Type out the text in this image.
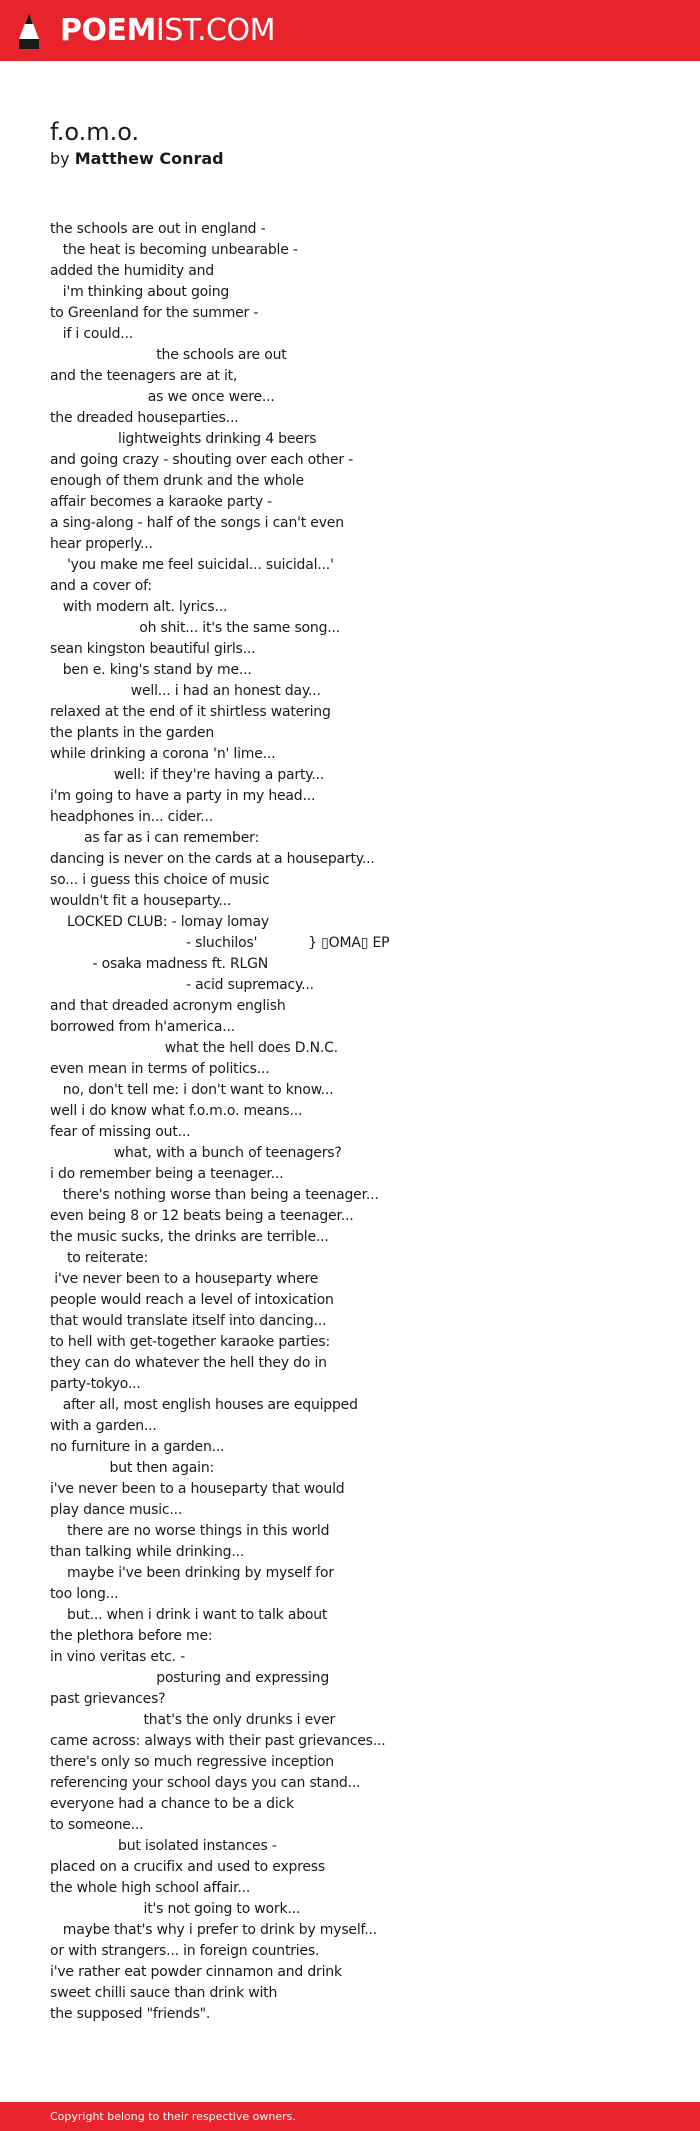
POEMIST.COM
f.o.m.o.
by Matthew Conrad
the schools are out in england -
the heat is becoming unbearable -
added the humidity and
i'm thinking about going
to Greenland for the summer -
if i could...
the schools are out
and the teenagers are at it,
as we once were...
the dreaded houseparties...
lightweights drinking 4 beers
and going crazy - shouting over each other -
enough of them drunk and the whole
affair becomes a karaoke party -
a sing-along - half of the songs i can't even
hear properly...
'you make me feel suicidal... suicidal...'
and a cover of:
with modern alt. lyrics...
oh shit... it's the same song...
sean kingston beautiful girls...
ben e. king's stand by me...
well... i had an honest day...
relaxed at the end of it shirtless watering
the plants in the garden
while drinking a corona 'n' lime...
well: if they're having a party...
i'm going to have a party in my head...
headphones in... cider...
as far as i can remember:
dancing is never on the cards at a houseparty...
so... i guess this choice of music
wouldn't fit a houseparty...
LOCKED CLUB: - lomay lomay
- sluchilos'            } ▯OMA▯ EP
- osaka madness ft. RLGN
- acid supremacy...
and that dreaded acronym english
borrowed from h'america...
what the hell does D.N.C.
even mean in terms of politics...
no, don't tell me: i don't want to know...
well i do know what f.o.m.o. means...
fear of missing out...
what, with a bunch of teenagers?
i do remember being a teenager...
there's nothing worse than being a teenager...
even being 8 or 12 beats being a teenager...
the music sucks, the drinks are terrible...
to reiterate:
i've never been to a houseparty where
people would reach a level of intoxication
that would translate itself into dancing...
to hell with get-together karaoke parties:
they can do whatever the hell they do in
party-tokyo...
after all, most english houses are equipped
with a garden...
no furniture in a garden...
but then again:
i've never been to a houseparty that would
play dance music...
there are no worse things in this world
than talking while drinking...
maybe i've been drinking by myself for
too long...
but... when i drink i want to talk about
the plethora before me:
in vino veritas etc. -
posturing and expressing
past grievances?
that's the only drunks i ever
came across: always with their past grievances...
there's only so much regressive inception
referencing your school days you can stand...
everyone had a chance to be a dick
to someone...
but isolated instances -
placed on a crucifix and used to express
the whole high school affair...
it's not going to work...
maybe that's why i prefer to drink by myself...
or with strangers... in foreign countries.
i've rather eat powder cinnamon and drink
sweet chilli sauce than drink with
the supposed "friends".
Copyright belong to their respective owners.
